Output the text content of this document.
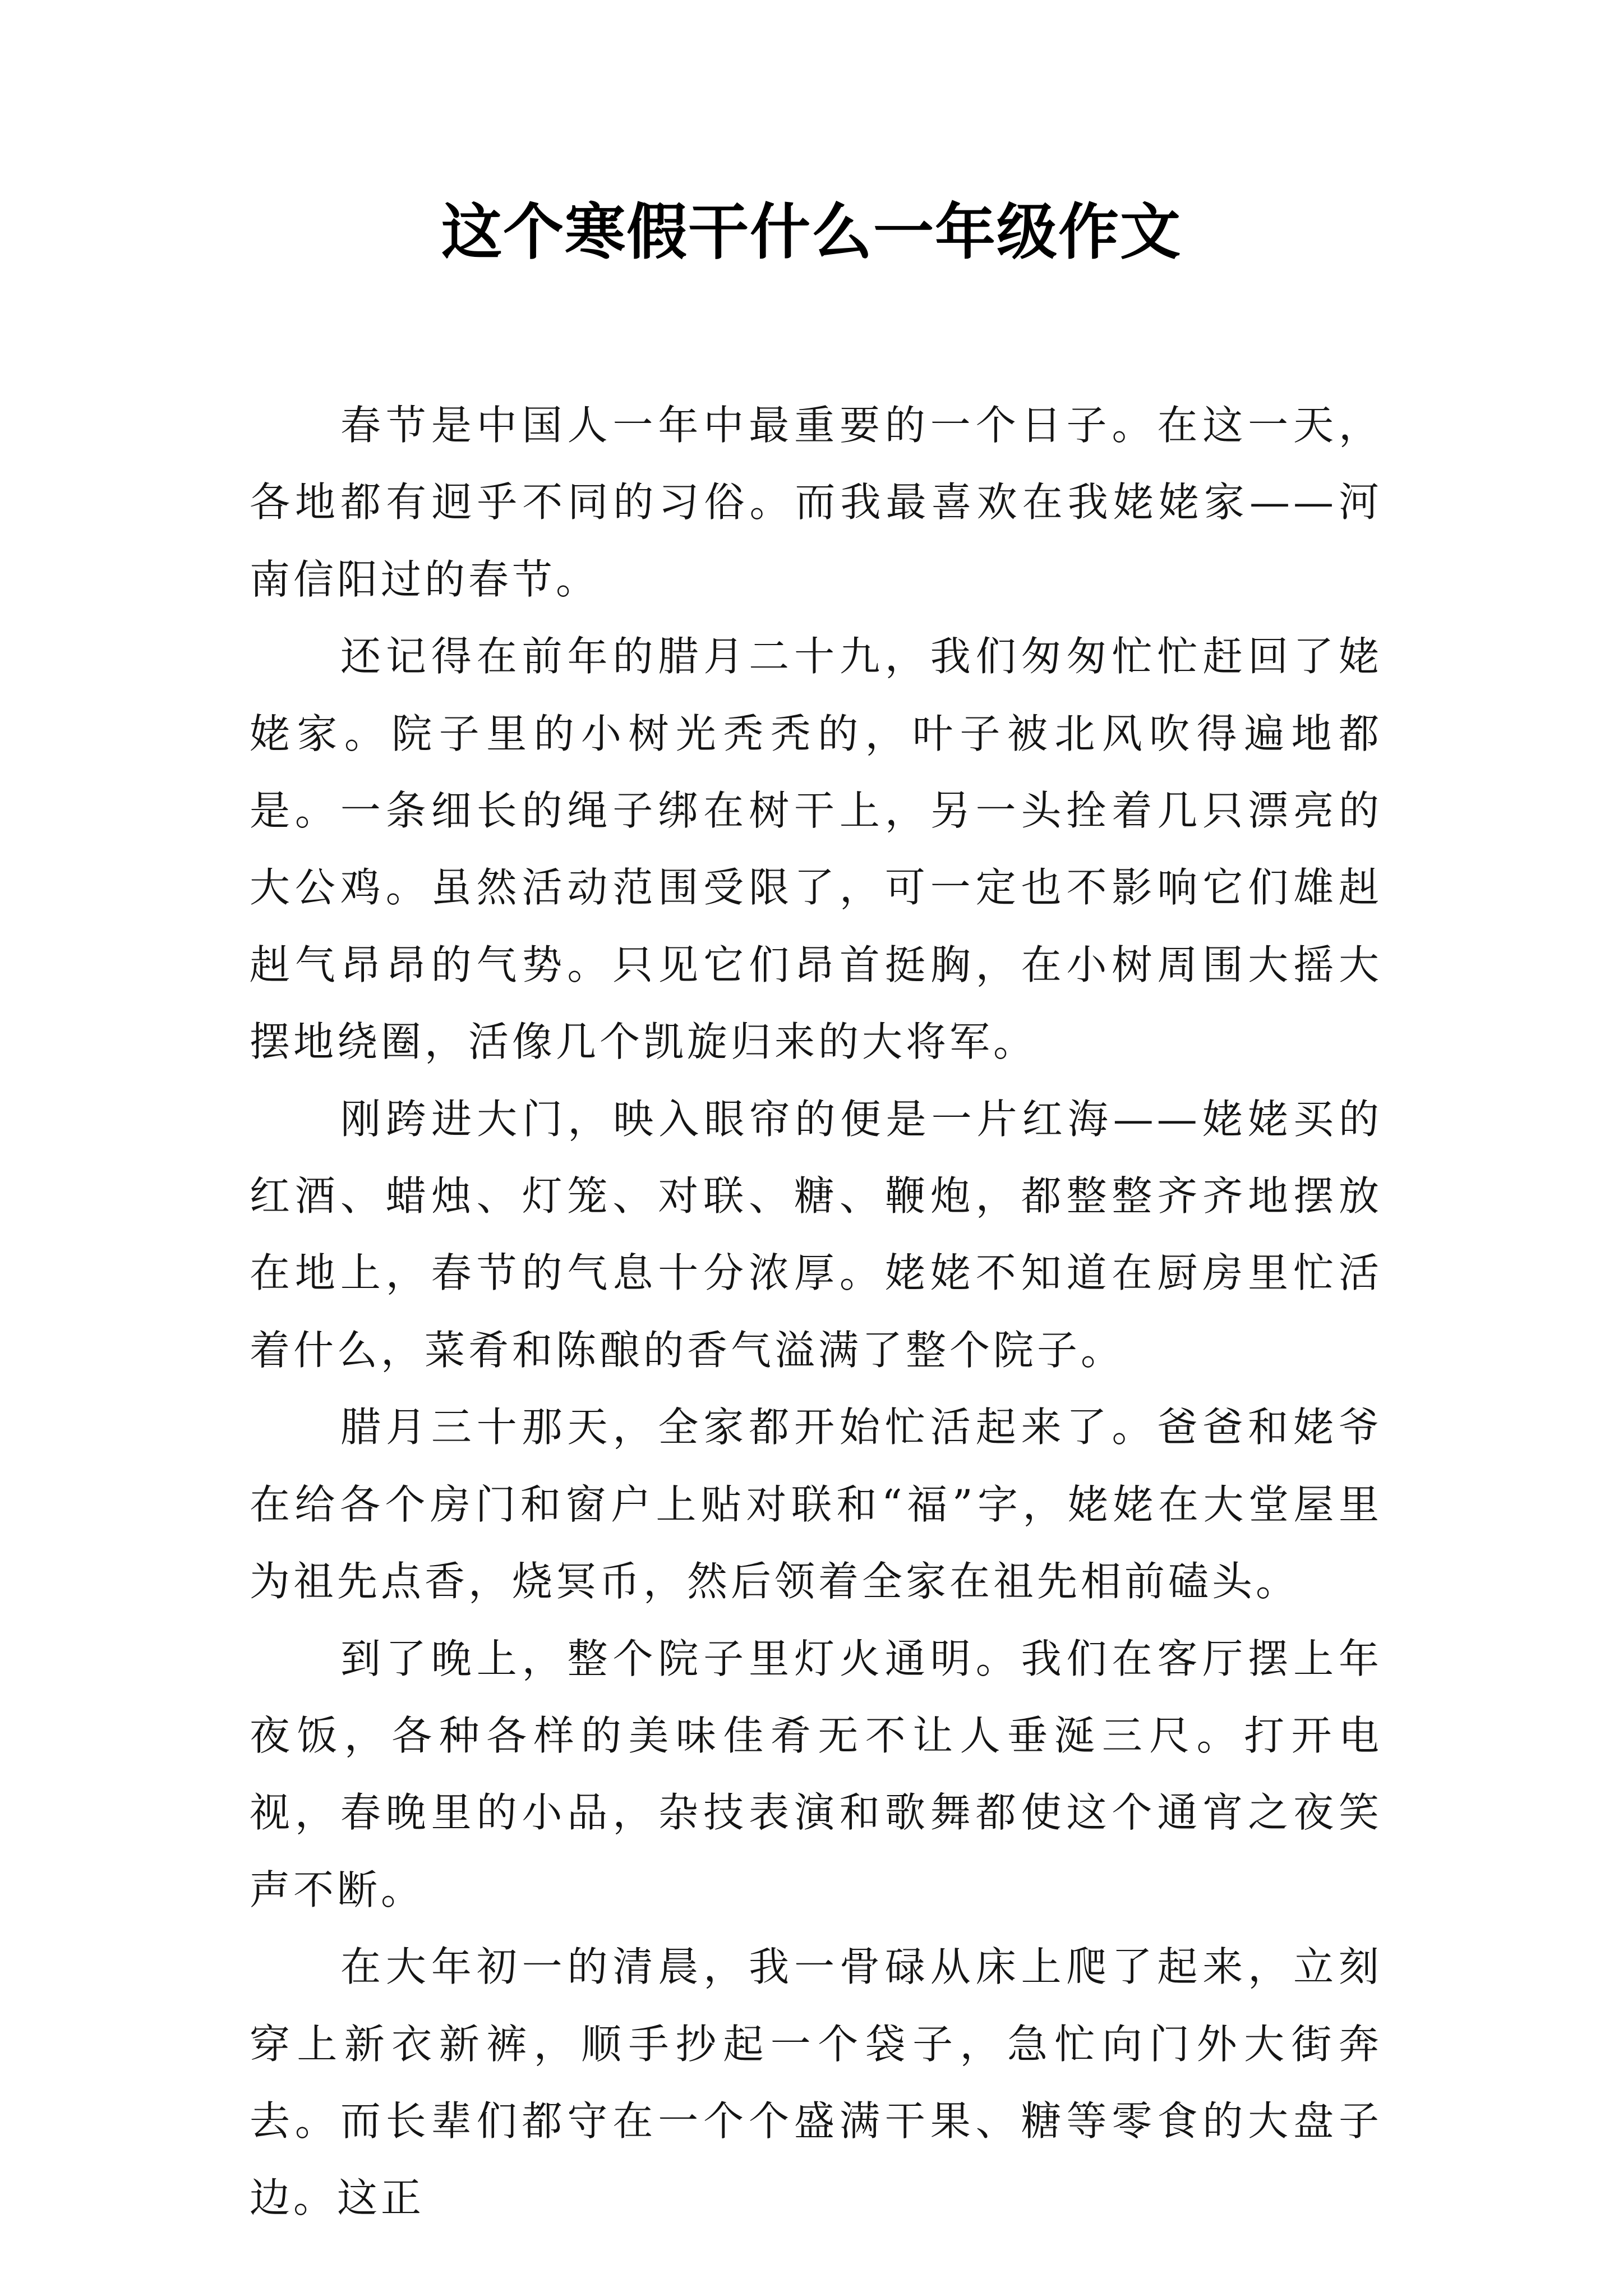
这个寒假干什么一年级作文

春节是中国人一年中最重要的一个日子。在这一天，各地都有迥乎不同的习俗。而我最喜欢在我姥姥家——河南信阳过的春节。

还记得在前年的腊月二十九，我们匆匆忙忙赶回了姥姥家。院子里的小树光秃秃的，叶子被北风吹得遍地都是。一条细长的绳子绑在树干上，另一头拴着几只漂亮的大公鸡。虽然活动范围受限了，可一定也不影响它们雄赳赳气昂昂的气势。只见它们昂首挺胸，在小树周围大摇大摆地绕圈，活像几个凯旋归来的大将军。

刚跨进大门，映入眼帘的便是一片红海——姥姥买的红酒、蜡烛、灯笼、对联、糖、鞭炮，都整整齐齐地摆放在地上，春节的气息十分浓厚。姥姥不知道在厨房里忙活着什么，菜肴和陈酿的香气溢满了整个院子。

腊月三十那天，全家都开始忙活起来了。爸爸和姥爷在给各个房门和窗户上贴对联和“福”字，姥姥在大堂屋里为祖先点香，烧冥币，然后领着全家在祖先相前磕头。

到了晚上，整个院子里灯火通明。我们在客厅摆上年夜饭，各种各样的美味佳肴无不让人垂涎三尺。打开电视，春晚里的小品，杂技表演和歌舞都使这个通宵之夜笑声不断。

在大年初一的清晨，我一骨碌从床上爬了起来，立刻穿上新衣新裤，顺手抄起一个袋子，急忙向门外大街奔去。而长辈们都守在一个个盛满干果、糖等零食的大盘子边。这正
